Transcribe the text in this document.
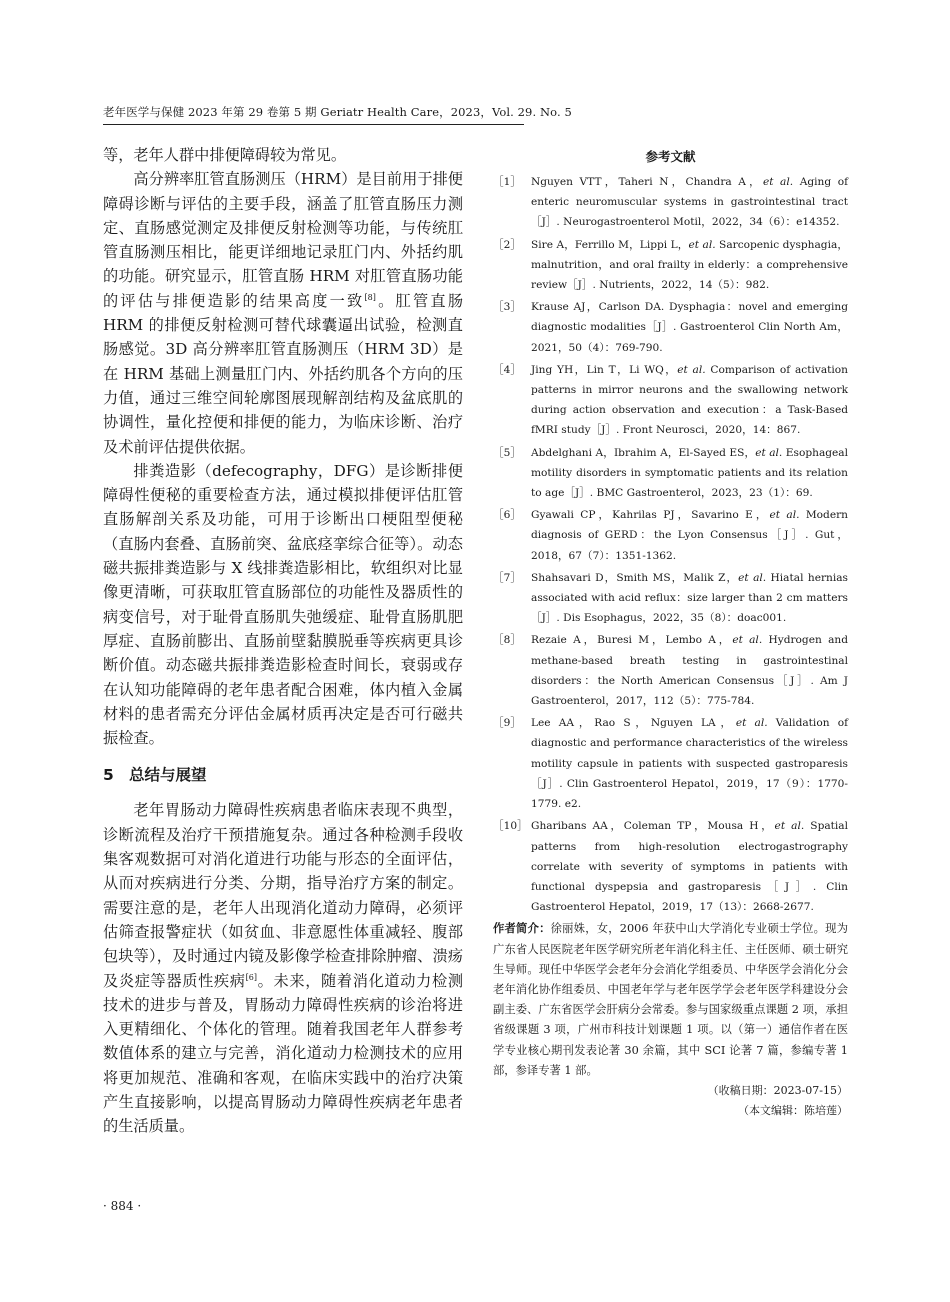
老年医学与保健 2023 年第 29 卷第 5 期 Geriatr Health Care，2023，Vol. 29. No. 5

等，老年人群中排便障碍较为常见。

高分辨率肛管直肠测压（HRM）是目前用于排便障碍诊断与评估的主要手段，涵盖了肛管直肠压力测定、直肠感觉测定及排便反射检测等功能，与传统肛管直肠测压相比，能更详细地记录肛门内、外括约肌的功能。研究显示，肛管直肠 HRM 对肛管直肠功能的评估与排便造影的结果高度一致[8]。肛管直肠 HRM 的排便反射检测可替代球囊逼出试验，检测直肠感觉。3D 高分辨率肛管直肠测压（HRM 3D）是在 HRM 基础上测量肛门内、外括约肌各个方向的压力值，通过三维空间轮廓图展现解剖结构及盆底肌的协调性，量化控便和排便的能力，为临床诊断、治疗及术前评估提供依据。

排粪造影（defecography，DFG）是诊断排便障碍性便秘的重要检查方法，通过模拟排便评估肛管直肠解剖关系及功能，可用于诊断出口梗阻型便秘（直肠内套叠、直肠前突、盆底痉挛综合征等）。动态磁共振排粪造影与 X 线排粪造影相比，软组织对比显像更清晰，可获取肛管直肠部位的功能性及器质性的病变信号，对于耻骨直肠肌失弛缓症、耻骨直肠肌肥厚症、直肠前膨出、直肠前壁黏膜脱垂等疾病更具诊断价值。动态磁共振排粪造影检查时间长，衰弱或存在认知功能障碍的老年患者配合困难，体内植入金属材料的患者需充分评估金属材质再决定是否可行磁共振检查。

5 总结与展望

老年胃肠动力障碍性疾病患者临床表现不典型，诊断流程及治疗干预措施复杂。通过各种检测手段收集客观数据可对消化道进行功能与形态的全面评估，从而对疾病进行分类、分期，指导治疗方案的制定。需要注意的是，老年人出现消化道动力障碍，必须评估筛查报警症状（如贫血、非意愿性体重减轻、腹部包块等），及时通过内镜及影像学检查排除肿瘤、溃疡及炎症等器质性疾病[6]。未来，随着消化道动力检测技术的进步与普及，胃肠动力障碍性疾病的诊治将进入更精细化、个体化的管理。随着我国老年人群参考数值体系的建立与完善，消化道动力检测技术的应用将更加规范、准确和客观，在临床实践中的治疗决策产生直接影响，以提高胃肠动力障碍性疾病老年患者的生活质量。

参考文献
［1］ Nguyen VTT，Taheri N，Chandra A，et al. Aging of enteric neuromuscular systems in gastrointestinal tract［J］. Neurogastroenterol Motil，2022，34（6）：e14352.
［2］ Sire A，Ferrillo M，Lippi L，et al. Sarcopenic dysphagia，malnutrition，and oral frailty in elderly：a comprehensive review［J］. Nutrients，2022，14（5）：982.
［3］ Krause AJ，Carlson DA. Dysphagia：novel and emerging diagnostic modalities［J］. Gastroenterol Clin North Am，2021，50（4）：769-790.
［4］ Jing YH，Lin T，Li WQ，et al. Comparison of activation patterns in mirror neurons and the swallowing network during action observation and execution：a Task-Based fMRI study［J］. Front Neurosci，2020，14：867.
［5］ Abdelghani A，Ibrahim A，El-Sayed ES，et al. Esophageal motility disorders in symptomatic patients and its relation to age［J］. BMC Gastroenterol，2023，23（1）：69.
［6］ Gyawali CP，Kahrilas PJ，Savarino E，et al. Modern diagnosis of GERD：the Lyon Consensus［J］. Gut，2018，67（7）：1351-1362.
［7］ Shahsavari D，Smith MS，Malik Z，et al. Hiatal hernias associated with acid reflux：size larger than 2 cm matters［J］. Dis Esophagus，2022，35（8）：doac001.
［8］ Rezaie A，Buresi M，Lembo A，et al. Hydrogen and methane-based breath testing in gastrointestinal disorders：the North American Consensus［J］. Am J Gastroenterol，2017，112（5）：775-784.
［9］ Lee AA，Rao S，Nguyen LA，et al. Validation of diagnostic and performance characteristics of the wireless motility capsule in patients with suspected gastroparesis［J］. Clin Gastroenterol Hepatol，2019，17（9）：1770-1779. e2.
［10］ Gharibans AA，Coleman TP，Mousa H，et al. Spatial patterns from high-resolution electrogastrography correlate with severity of symptoms in patients with functional dyspepsia and gastroparesis［J］. Clin Gastroenterol Hepatol，2019，17（13）：2668-2677.
作者简介：徐丽姝，女，2006 年获中山大学消化专业硕士学位。现为广东省人民医院老年医学研究所老年消化科主任、主任医师、硕士研究生导师。现任中华医学会老年分会消化学组委员、中华医学会消化分会老年消化协作组委员、中国老年学与老年医学学会老年医学科建设分会副主委、广东省医学会肝病分会常委。参与国家级重点课题 2 项，承担省级课题 3 项，广州市科技计划课题 1 项。以（第一）通信作者在医学专业核心期刊发表论著 30 余篇，其中 SCI 论著 7 篇，参编专著 1 部，参译专著 1 部。
（收稿日期：2023-07-15）
（本文编辑：陈培莲）
· 884 ·
